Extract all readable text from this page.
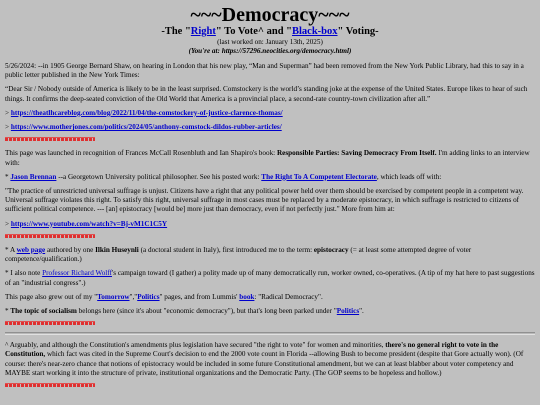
~~~Democracy~~~
-The "Right" To Vote^ and "Black-box" Voting-
(last worked on: January 13th, 2025)
(You're at: https://57296.neocities.org/democracy.html)

5/26/2024: --in 1905 George Bernard Shaw, on hearing in London that his new play, “Man and Superman” had been removed from the New York Public Library, had this to say in a public letter published in the New York Times:

“Dear Sir / Nobody outside of America is likely to be in the least surprised. Comstockery is the world’s standing joke at the expense of the United States. Europe likes to hear of such things. It confirms the deep-seated conviction of the Old World that America is a provincial place, a second-rate country-town civilization after all.”

> https://theatlhcareblog.com/blog/2022/11/04/the-comstockery-of-justice-clarence-thomas/

> https://www.motherjones.com/politics/2024/05/anthony-comstock-dildos-rubber-articles/

This page was launched in recognition of Frances McCall Rosenbluth and Ian Shapiro's book: Responsible Parties: Saving Democracy From Itself. I'm adding links to an interview with:

* Jason Brennan --a Georgetown University political philosopher. See his posted work: The Right To A Competent Electorate, which leads off with:

"The practice of unrestricted universal suffrage is unjust. Citizens have a right that any political power held over them should be exercised by competent people in a competent way. Universal suffrage violates this right. To satisfy this right, universal suffrage in most cases must be replaced by a moderate epistocracy, in which suffrage is restricted to citizens of sufficient political competence. --- [an] epistocracy [would be] more just than democracy, even if not perfectly just." More from him at:

> https://www.youtube.com/watch?v=Bj-vM1C1C5Y

* A web page authored by one Ilkin Huseynli (a doctoral student in Italy), first introduced me to the term: epistocracy (= at least some attempted degree of voter competence/qualification.)

* I also note Professor Richard Wolff's campaign toward (I gather) a polity made up of many democratically run, worker owned, co-operatives. (A tip of my hat here to past suggestions of an "industrial congress".)

This page also grew out of my "Tomorrow","Politics" pages, and from Lummis' book: "Radical Democracy".

* The topic of socialism belongs here (since it's about "economic democracy"), but that's long been parked under "Politics".

^ Arguably, and although the Constitution's amendments plus legislation have secured "the right to vote" for women and minorities, there's no general right to vote in the Constitution, which fact was cited in the Supreme Court's decision to end the 2000 vote count in Florida --allowing Bush to become president (despite that Gore actually won). (Of course: there's near-zero chance that notions of epistocracy would be included in some future Constitutional amendment, but we can at least blabber about voter competency and MAYBE start working it into the structure of private, institutional organizations and the Democratic Party. (The GOP seems to be hopeless and hollow.)
